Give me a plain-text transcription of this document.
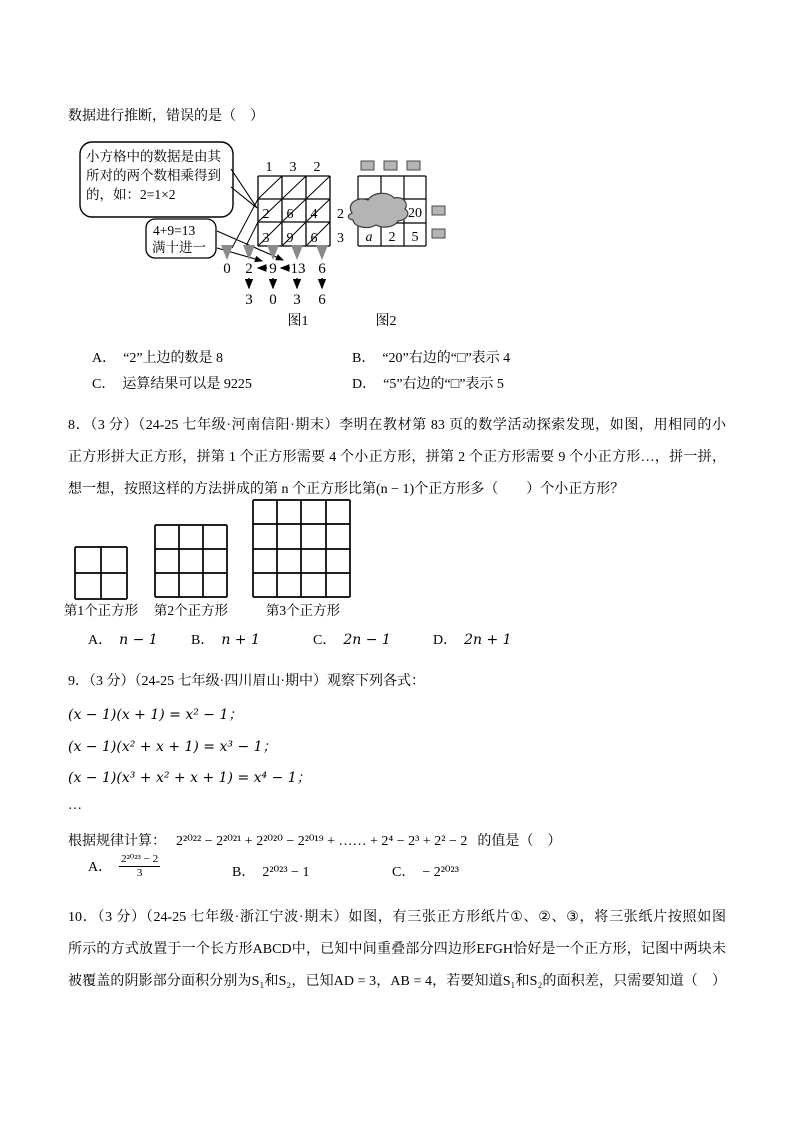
数据进行推断，错误的是（　）
小方格中的数据是由其
所对的两个数相乘得到
的，如：2=1×2
4+9=13
满十进一
1 3 2
2 6 4
3 9 6
2
3
0 2 9 13 6
3 0 3 6
图1
20
a 2 5
图2
A． “2”上边的数是 8	B． “20”右边的“□”表示 4
C． 运算结果可以是 9225	D． “5”右边的“□”表示 5
8．（3 分）（24-25 七年级·河南信阳·期末）李明在教材第 83 页的数学活动探索发现，如图，用相同的小
正方形拼大正方形，拼第 1 个正方形需要 4 个小正方形，拼第 2 个正方形需要 9 个小正方形…，拼一拼，
想一想，按照这样的方法拼成的第 n 个正方形比第(n − 1)个正方形多（　　）个小正方形？
第1个正方形 第2个正方形	第3个正方形
A． n − 1 B． n + 1	C． 2n − 1	D． 2n + 1
9．（3 分）（24-25 七年级·四川眉山·期中）观察下列各式：
(x − 1)(x + 1) = x² − 1；
(x − 1)(x² + x + 1) = x³ − 1；
(x − 1)(x³ + x² + x + 1) = x⁴ − 1；
…
根据规律计算： 2²⁰²² − 2²⁰²¹ + 2²⁰²⁰ − 2²⁰¹⁹ + …… + 2⁴ − 2³ + 2² − 2 的值是（　）
A． $\frac{\text{2²⁰²³ − 2}}{3}$	B． 2²⁰²³ − 1	C． − 2²⁰²³
10．（3 分）（24-25 七年级·浙江宁波·期末）如图，有三张正方形纸片①、②、③，将三张纸片按照如图
所示的方式放置于一个长方形ABCD中，已知中间重叠部分四边形EFGH恰好是一个正方形，记图中两块未
被覆盖的阴影部分面积分别为S₁和S₂，已知AD = 3，AB = 4，若要知道S₁和S₂的面积差，只需要知道（　）
